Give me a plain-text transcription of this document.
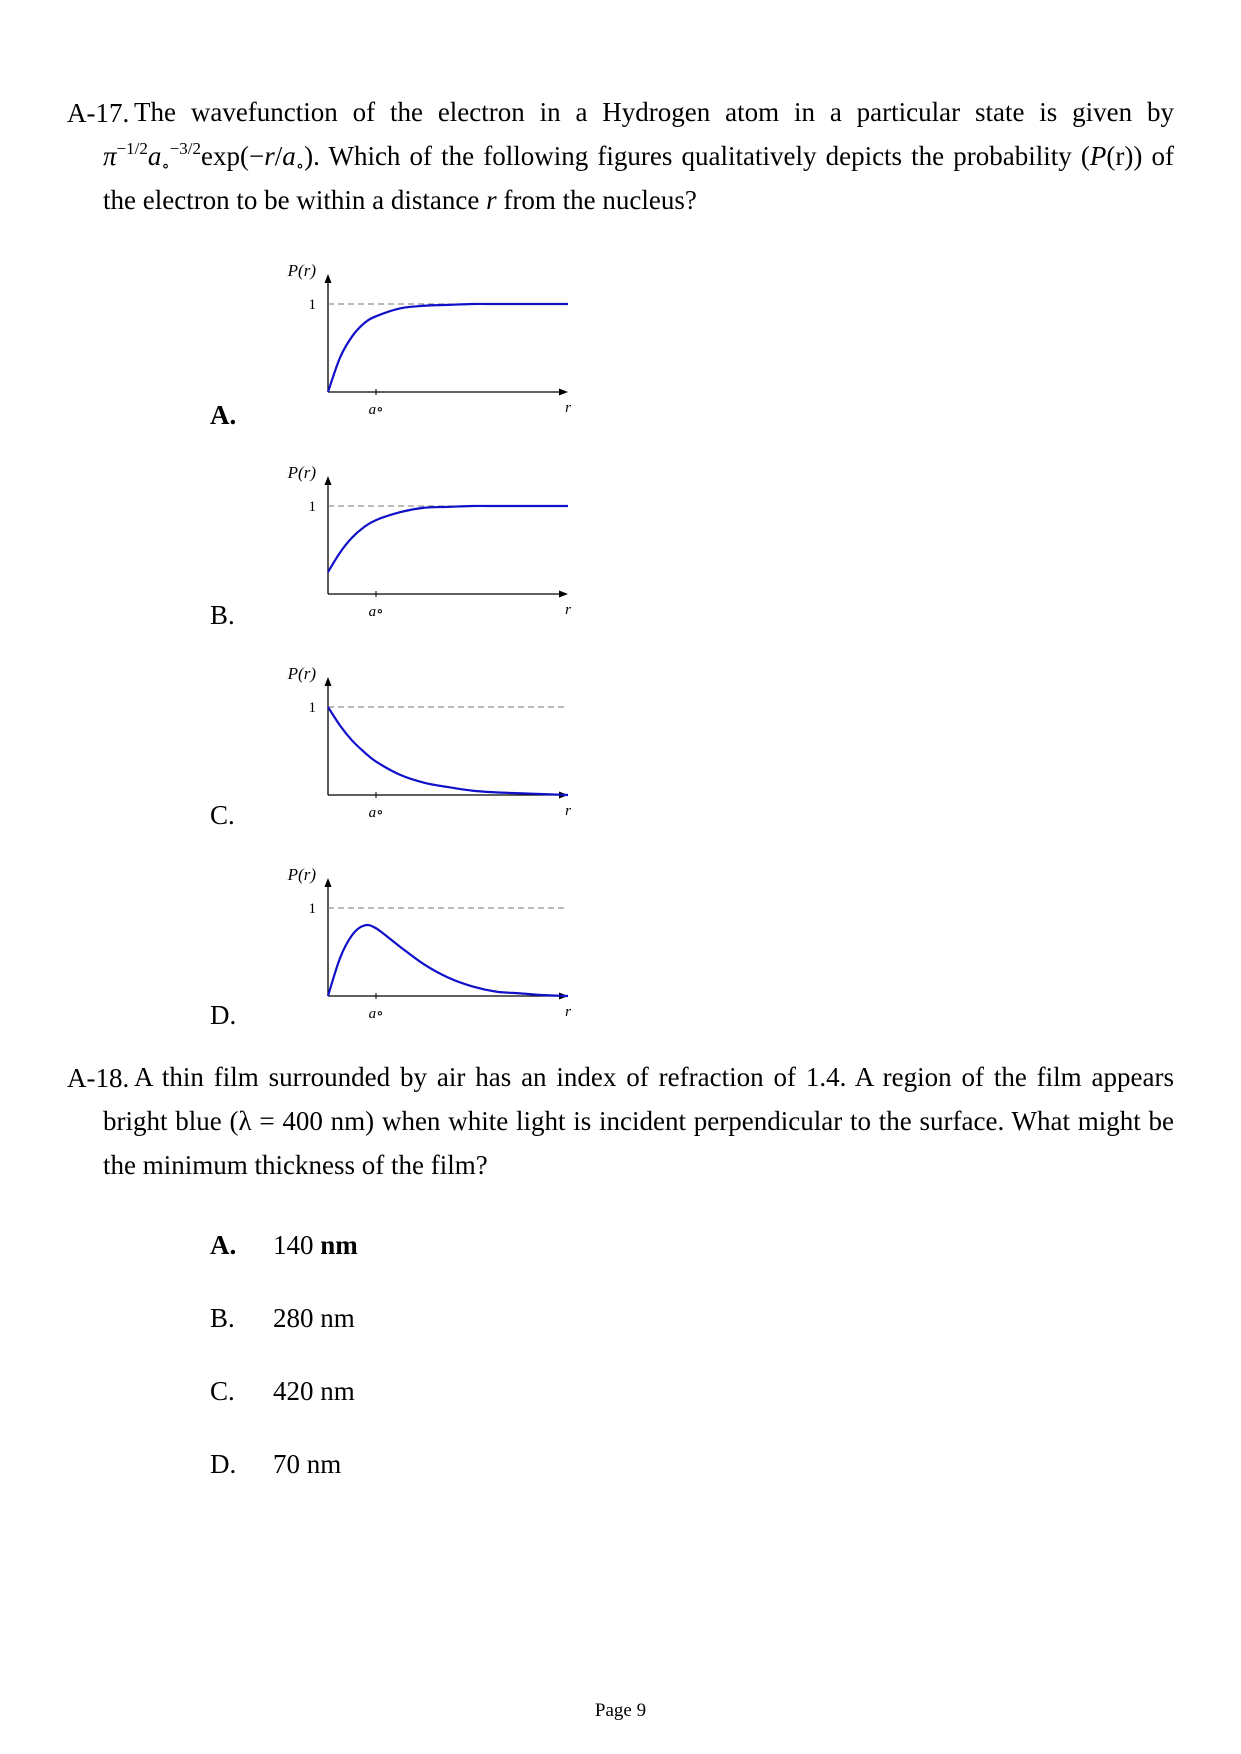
A-17. The wavefunction of the electron in a Hydrogen atom in a particular state is given by $\pi^{-1/2}a_\circ^{-3/2}\exp(-r/a_\circ)$. Which of the following figures qualitatively depicts the probability (P(r)) of the electron to be within a distance r from the nucleus?
A.
B.
C.
D.
P(r)
1
a∘	r
P(r)
1
a∘	r
P(r)
1
a∘	r
P(r)
1
a∘	r
A-18. A thin film surrounded by air has an index of refraction of 1.4. A region of the film appears bright blue (λ = 400 nm) when white light is incident perpendicular to the surface. What might be the minimum thickness of the film?
A. 140 nm
B. 280 nm
C. 420 nm
D. 70 nm
Page 9
